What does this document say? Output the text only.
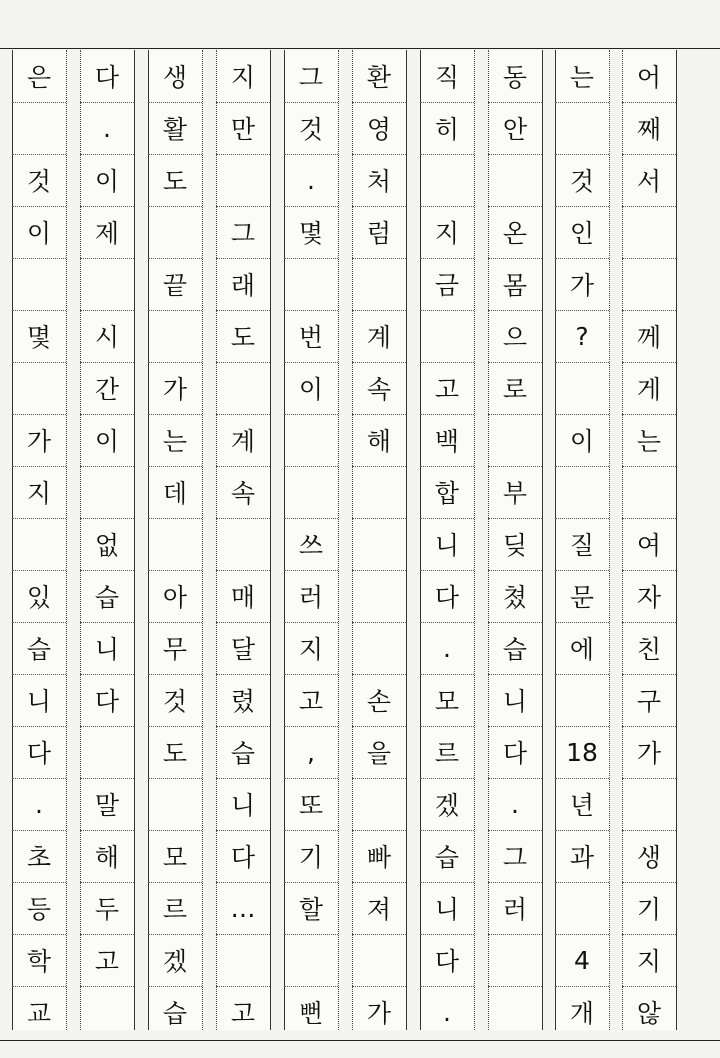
어
째
서
께
게
는
여
자
친
구
가
생
기
지
않
는
것
인
가
?
이
질
문
에
18
년
과
4
개
동
안
온
몸
으
로
부
딪
쳤
습
니
다
.
그
러
직
히
지
금
고
백
합
니
다
.
모
르
겠
습
니
다
.
환
영
처
럼
계
속
해
손
을
빠
져
가
그
것
.
몇
번
이
쓰
러
지
고
,
또
기
할
뻔
지
만
그
래
도
계
속
매
달
렸
습
니
다
…
고
생
활
도
끝
가
는
데
아
무
것
도
모
르
겠
습
다
.
이
제
시
간
이
없
습
니
다
말
해
두
고
은
것
이
몇
가
지
있
습
니
다
.
초
등
학
교
